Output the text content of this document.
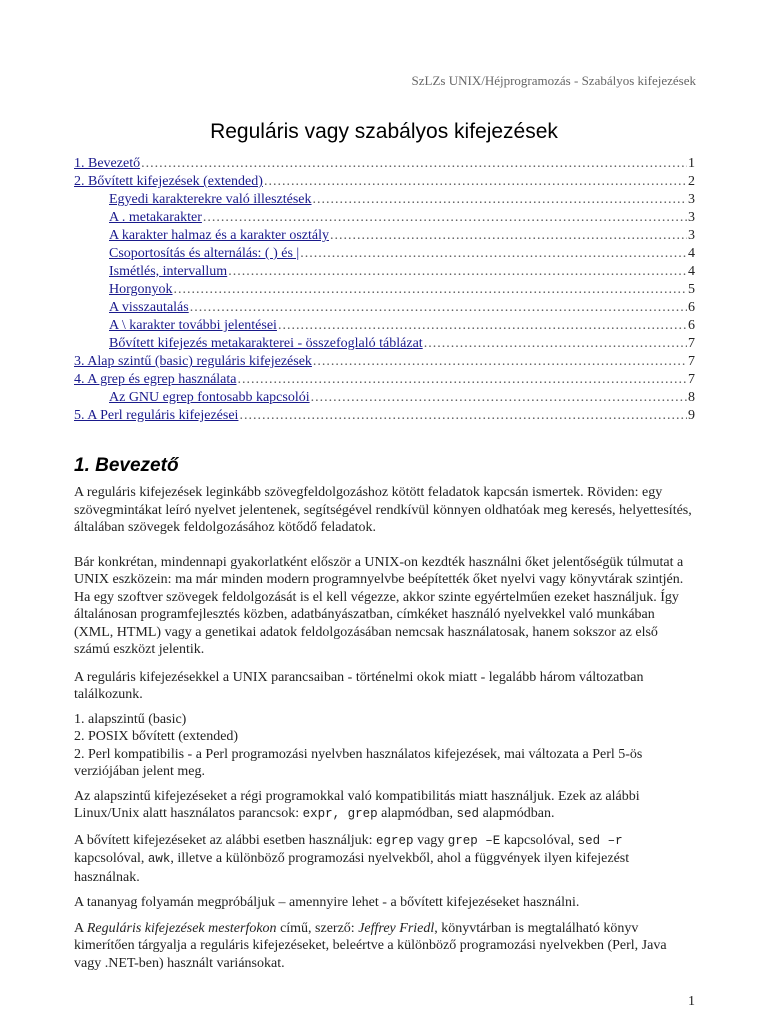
SzLZs UNIX/Héjprogramozás - Szabályos kifejezések
Reguláris vagy szabályos kifejezések
1. Bevezető .....	1
2. Bővített kifejezések (extended) .....	2
Egyedi karakterekre való illesztések .....	3
A . metakarakter .....	3
A karakter halmaz és a karakter osztály .....	3
Csoportosítás és alternálás: ( ) és | .....	4
Ismétlés, intervallum .....	4
Horgonyok .....	5
A visszautalás .....	6
A \ karakter további jelentései .....	6
Bővített kifejezés metakarakterei - összefoglaló táblázat .....	7
3. Alap szintű (basic) reguláris kifejezések .....	7
4. A grep és egrep használata .....	7
Az GNU egrep fontosabb kapcsolói .....	8
5. A Perl reguláris kifejezései .....	9
1. Bevezető

A reguláris kifejezések leginkább szövegfeldolgozáshoz kötött feladatok kapcsán ismertek. Röviden: egy szövegmintákat leíró nyelvet jelentenek, segítségével rendkívül könnyen oldhatóak meg keresés, helyettesítés, általában szövegek feldolgozásához kötődő feladatok.

Bár konkrétan, mindennapi gyakorlatként először a UNIX-on kezdték használni őket jelentőségük túlmutat a UNIX eszközein: ma már minden modern programnyelvbe beépítették őket nyelvi vagy könyvtárak szintjén. Ha egy szoftver szövegek feldolgozását is el kell végezze, akkor szinte egyértelműen ezeket használjuk. Így általánosan programfejlesztés közben, adatbányászatban, címkéket használó nyelvekkel való munkában (XML, HTML) vagy a genetikai adatok feldolgozásában nemcsak használatosak, hanem sokszor az első számú eszközt jelentik.

A reguláris kifejezésekkel a UNIX parancsaiban - történelmi okok miatt - legalább három változatban találkozunk.

1. alapszintű (basic)

2. POSIX bővített (extended)

2. Perl kompatibilis - a Perl programozási nyelvben használatos kifejezések, mai változata a Perl 5-ös verziójában jelent meg.

Az alapszintű kifejezéseket a régi programokkal való kompatibilitás miatt használjuk. Ezek az alábbi Linux/Unix alatt használatos parancsok: expr, grep alapmódban, sed alapmódban.

A bővített kifejezéseket az alábbi esetben használjuk: egrep vagy grep –E kapcsolóval, sed –r kapcsolóval, awk, illetve a különböző programozási nyelvekből, ahol a függvények ilyen kifejezést használnak.

A tananyag folyamán megpróbáljuk – amennyire lehet - a bővített kifejezéseket használni.

A Reguláris kifejezések mesterfokon című, szerző: Jeffrey Friedl, könyvtárban is megtalálható könyv kimerítően tárgyalja a reguláris kifejezéseket, beleértve a különböző programozási nyelvekben (Perl, Java vagy .NET-ben) használt variánsokat.

1
